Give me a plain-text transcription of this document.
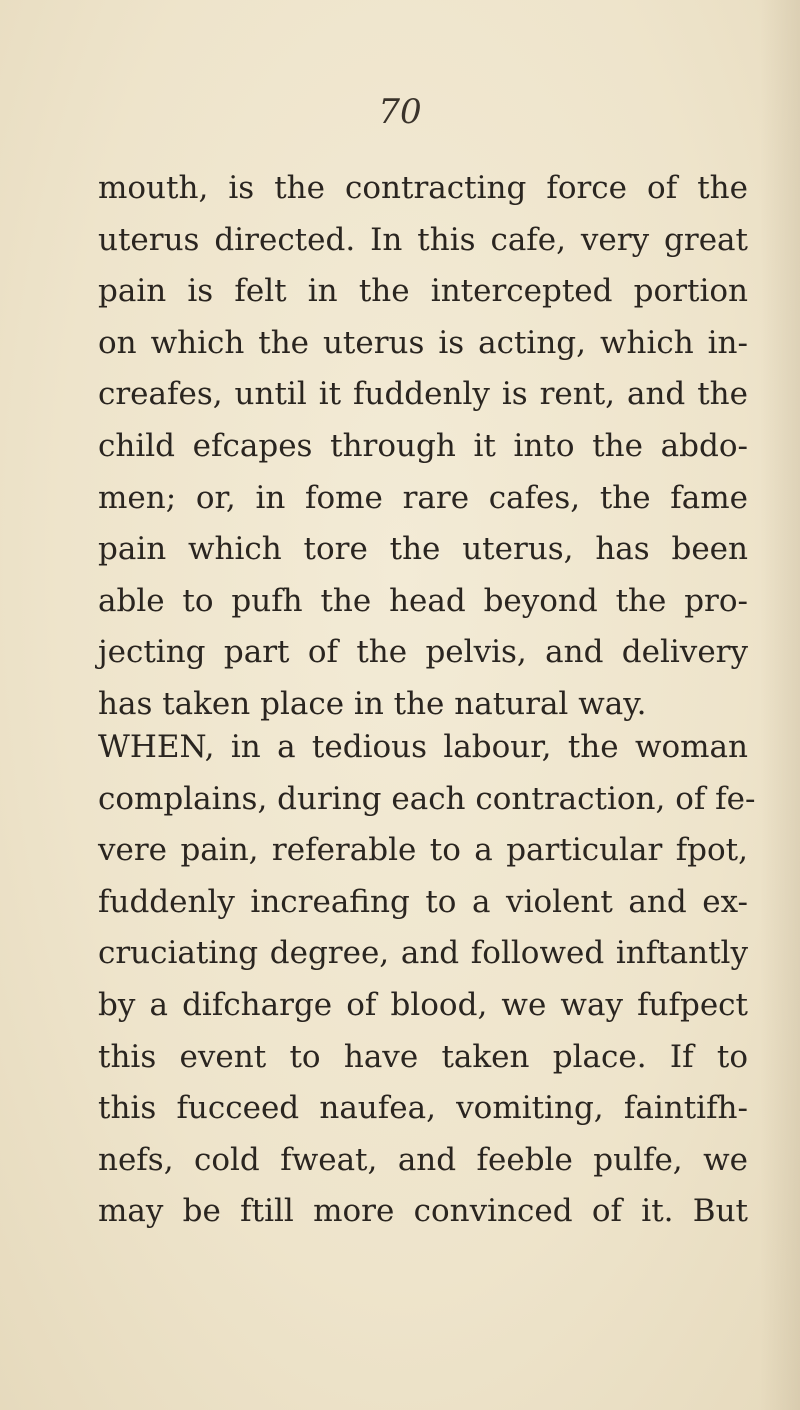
70
mouth, is the contracting force of the
uterus directed. In this cafe, very great
pain is felt in the intercepted portion
on which the uterus is acting, which in-
creafes, until it fuddenly is rent, and the
child efcapes through it into the abdo-
men; or, in fome rare cafes, the fame
pain which tore the uterus, has been
able to pufh the head beyond the pro-
jecting part of the pelvis, and delivery
has taken place in the natural way.
WHEN, in a tedious labour, the woman
complains, during each contraction, of fe-
vere pain, referable to a particular fpot,
fuddenly increafing to a violent and ex-
cruciating degree, and followed inftantly
by a difcharge of blood, we way fufpect
this event to have taken place. If to
this fucceed naufea, vomiting, faintifh-
nefs, cold fweat, and feeble pulfe, we
may be ftill more convinced of it. But
